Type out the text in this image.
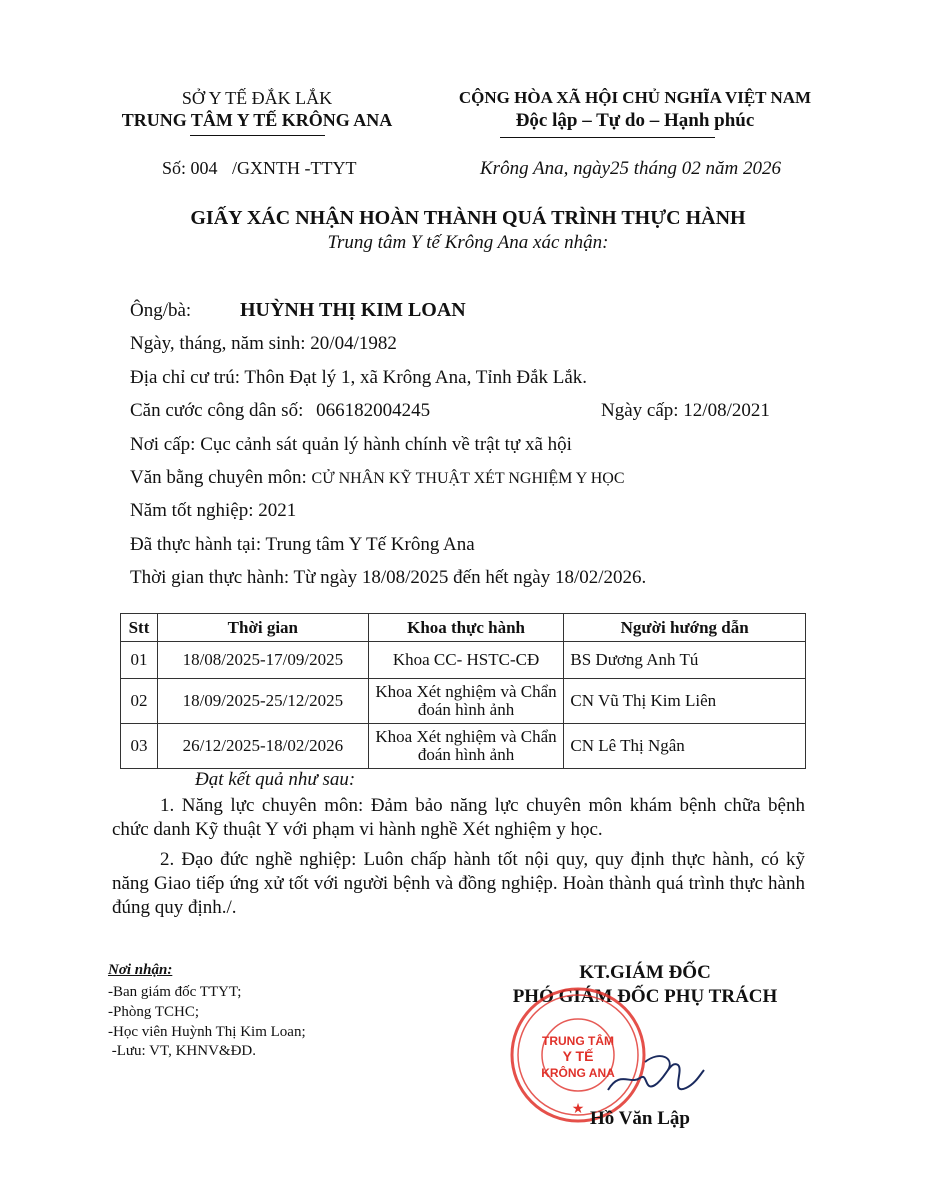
SỞ Y TẾ ĐẮK LẮK
TRUNG TÂM Y TẾ KRÔNG ANA
CỘNG HÒA XÃ HỘI CHỦ NGHĨA VIỆT NAM
Độc lập – Tự do – Hạnh phúc
Số: 004 /GXNTH -TTYT	Krông Ana, ngày25 tháng 02 năm 2026
GIẤY XÁC NHẬN HOÀN THÀNH QUÁ TRÌNH THỰC HÀNH
Trung tâm Y tế Krông Ana xác nhận:
Ông/bà: HUỲNH THỊ KIM LOAN
Ngày, tháng, năm sinh: 20/04/1982
Địa chỉ cư trú: Thôn Đạt lý 1, xã Krông Ana, Tỉnh Đắk Lắk.
Căn cước công dân số: 066182004245	Ngày cấp: 12/08/2021
Nơi cấp: Cục cảnh sát quản lý hành chính về trật tự xã hội
Văn bằng chuyên môn: CỬ NHÂN KỸ THUẬT XÉT NGHIỆM Y HỌC
Năm tốt nghiệp: 2021
Đã thực hành tại: Trung tâm Y Tế Krông Ana
Thời gian thực hành: Từ ngày 18/08/2025 đến hết ngày 18/02/2026.
Stt	Thời gian	Khoa thực hành	Người hướng dẫn
01	18/08/2025-17/09/2025	Khoa CC- HSTC-CĐ	BS Dương Anh Tú
02	18/09/2025-25/12/2025	Khoa Xét nghiệm và Chẩn đoán hình ảnh	CN Vũ Thị Kim Liên
03	26/12/2025-18/02/2026	Khoa Xét nghiệm và Chẩn đoán hình ảnh	CN Lê Thị Ngân
Đạt kết quả như sau:
1. Năng lực chuyên môn: Đảm bảo năng lực chuyên môn khám bệnh chữa bệnh chức danh Kỹ thuật Y với phạm vi hành nghề Xét nghiệm y học.
2. Đạo đức nghề nghiệp: Luôn chấp hành tốt nội quy, quy định thực hành, có kỹ năng Giao tiếp ứng xử tốt với người bệnh và đồng nghiệp. Hoàn thành quá trình thực hành đúng quy định./.
Nơi nhận:
-Ban giám đốc TTYT;
-Phòng TCHC;
-Học viên Huỳnh Thị Kim Loan;
-Lưu: VT, KHNV&ĐD.
KT.GIÁM ĐỐC
PHÓ GIÁM ĐỐC PHỤ TRÁCH
TRUNG TÂM
Y TẾ
KRÔNG ANA
★ Hồ Văn Lập
